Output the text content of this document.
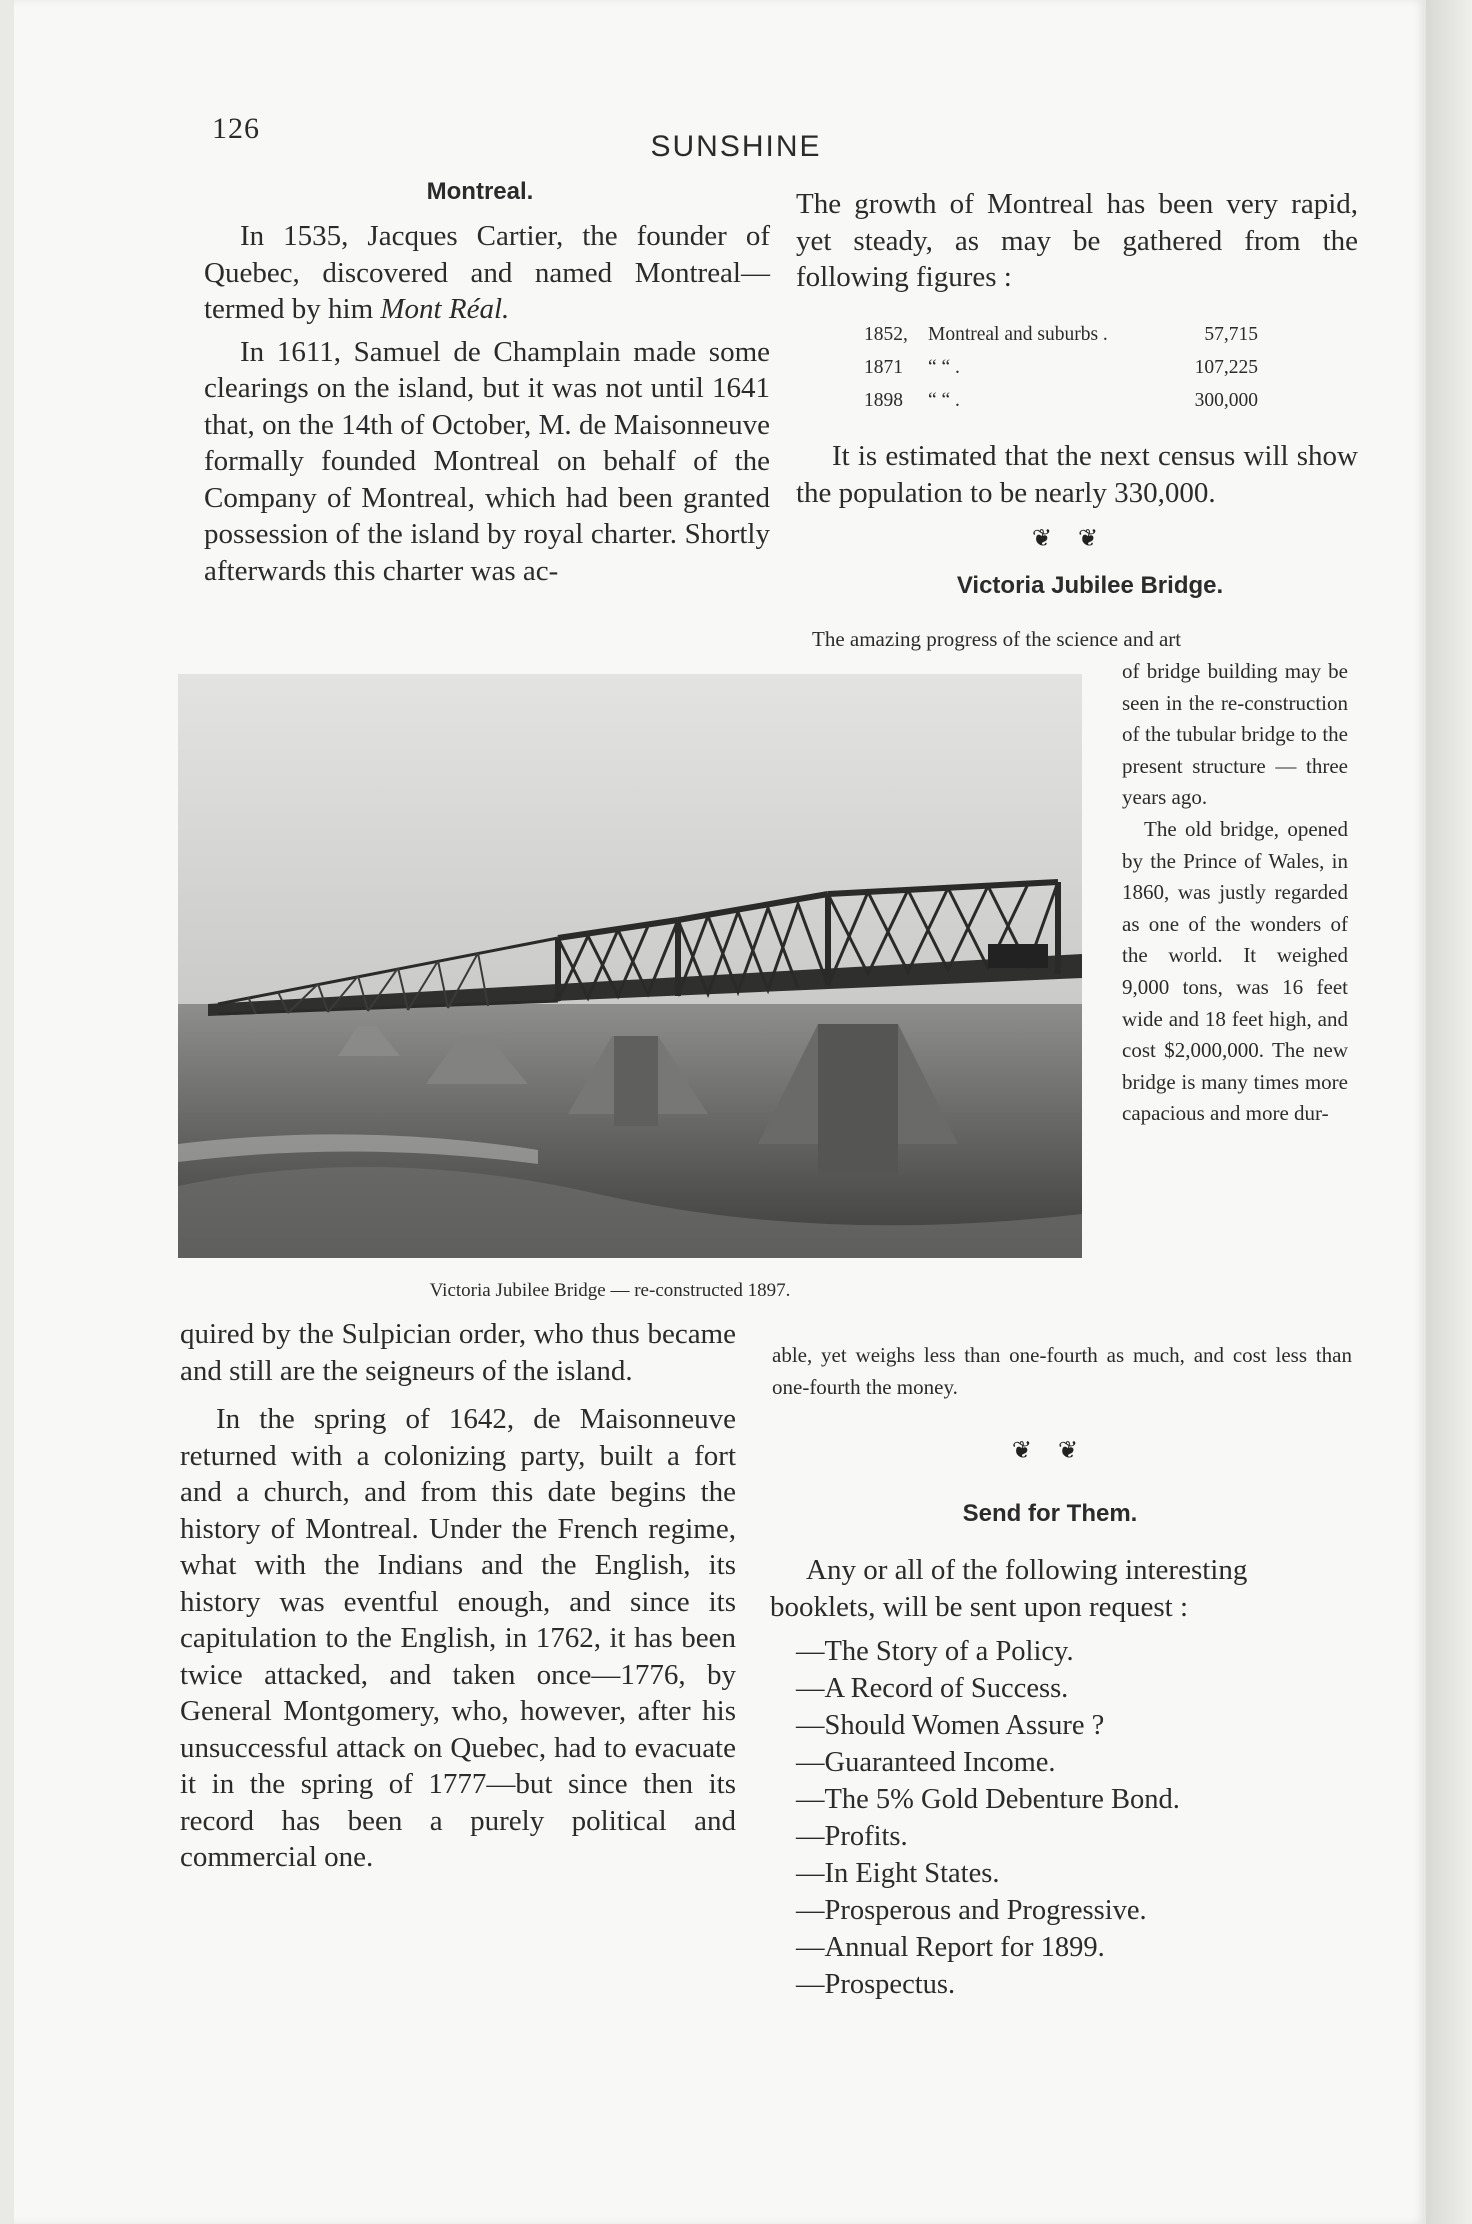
126
SUNSHINE
Montreal.

In 1535, Jacques Cartier, the founder of Quebec, discovered and named Montreal—termed by him Mont Réal.

In 1611, Samuel de Champlain made some clearings on the island, but it was not until 1641 that, on the 14th of October, M. de Maisonneuve formally founded Montreal on behalf of the Company of Montreal, which had been granted possession of the island by royal charter. Shortly afterwards this charter was ac-

The growth of Montreal has been very rapid, yet steady, as may be gathered from the following figures :
1852,	Montreal and suburbs .	57,715
1871	“ “ .	107,225
1898	“ “ .	300,000

It is estimated that the next census will show the population to be nearly 330,000.

❦ ❦
Victoria Jubilee Bridge.
The amazing progress of the science and art

of bridge building may be seen in the re-construction of the tubular bridge to the present structure — three years ago.

The old bridge, opened by the Prince of Wales, in 1860, was justly regarded as one of the wonders of the world. It weighed 9,000 tons, was 16 feet wide and 18 feet high, and cost $2,000,000. The new bridge is many times more capacious and more dur-

Victoria Jubilee Bridge — re-constructed 1897.
able, yet weighs less than one-fourth as much, and cost less than one-fourth the money.

quired by the Sulpician order, who thus became and still are the seigneurs of the island.

In the spring of 1642, de Maisonneuve returned with a colonizing party, built a fort and a church, and from this date begins the history of Montreal. Under the French regime, what with the Indians and the English, its history was eventful enough, and since its capitulation to the English, in 1762, it has been twice attacked, and taken once—1776, by General Montgomery, who, however, after his unsuccessful attack on Quebec, had to evacuate it in the spring of 1777—but since then its record has been a purely political and commercial one.

❦ ❦
Send for Them.

Any or all of the following interesting booklets, will be sent upon request :

—The Story of a Policy.
—A Record of Success.
—Should Women Assure ?
—Guaranteed Income.
—The 5% Gold Debenture Bond.
—Profits.
—In Eight States.
—Prosperous and Progressive.
—Annual Report for 1899.
—Prospectus.
